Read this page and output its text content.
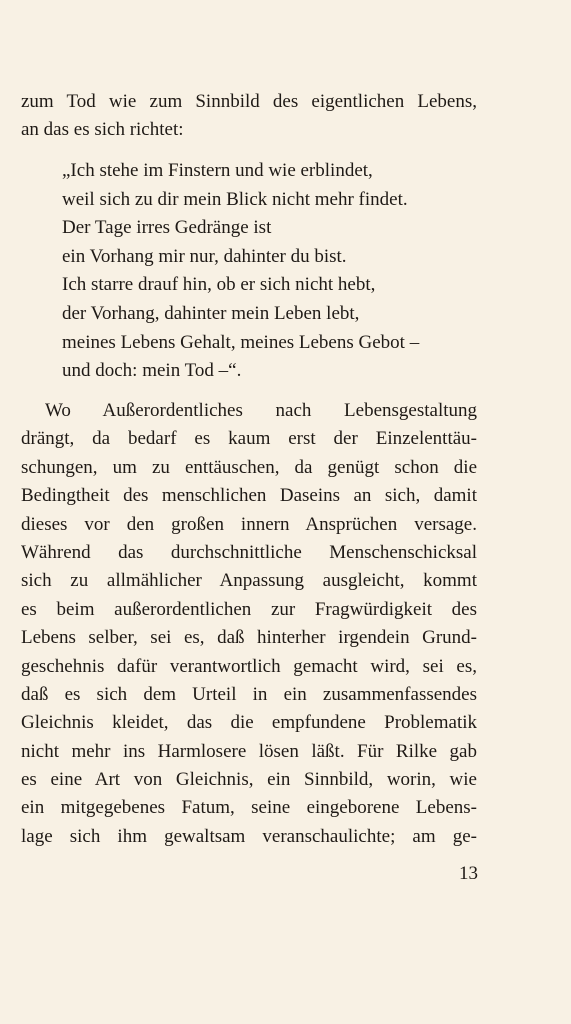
zum Tod wie zum Sinnbild des eigentlichen Lebens,
an das es sich richtet:
„Ich stehe im Finstern und wie erblindet,
weil sich zu dir mein Blick nicht mehr findet.
Der Tage irres Gedränge ist
ein Vorhang mir nur, dahinter du bist.
Ich starre drauf hin, ob er sich nicht hebt,
der Vorhang, dahinter mein Leben lebt,
meines Lebens Gehalt, meines Lebens Gebot –
und doch: mein Tod –“.
Wo Außerordentliches nach Lebensgestaltung
drängt, da bedarf es kaum erst der Einzelenttäu-
schungen, um zu enttäuschen, da genügt schon die
Bedingtheit des menschlichen Daseins an sich, damit
dieses vor den großen innern Ansprüchen versage.
Während das durchschnittliche Menschenschicksal
sich zu allmählicher Anpassung ausgleicht, kommt
es beim außerordentlichen zur Fragwürdigkeit des
Lebens selber, sei es, daß hinterher irgendein Grund-
geschehnis dafür verantwortlich gemacht wird, sei es,
daß es sich dem Urteil in ein zusammenfassendes
Gleichnis kleidet, das die empfundene Problematik
nicht mehr ins Harmlosere lösen läßt. Für Rilke gab
es eine Art von Gleichnis, ein Sinnbild, worin, wie
ein mitgegebenes Fatum, seine eingeborene Lebens-
lage sich ihm gewaltsam veranschaulichte; am ge-
13
